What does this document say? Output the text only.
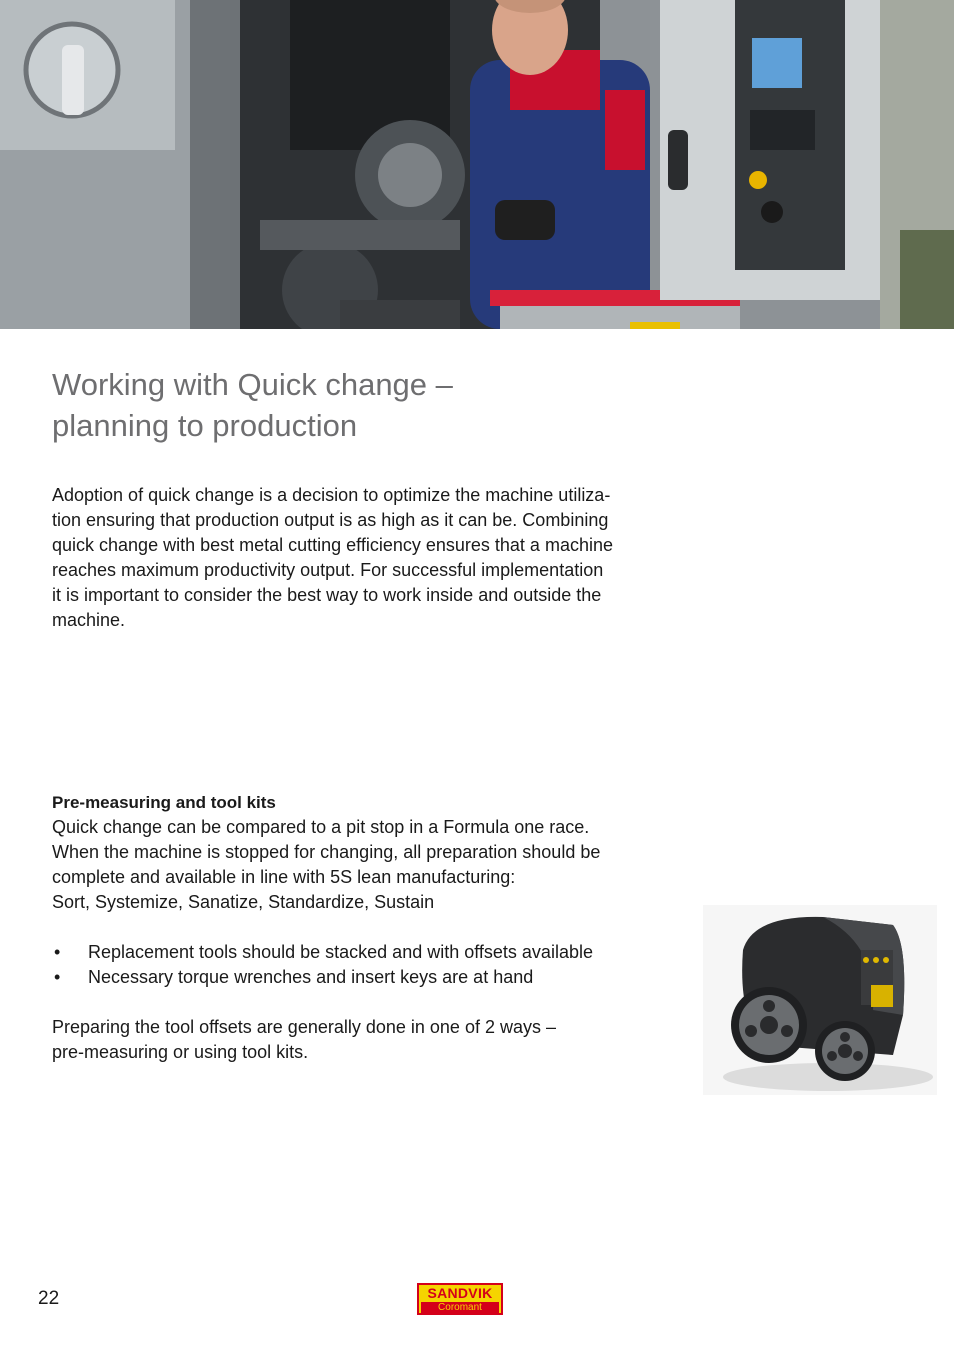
Working with Quick change –
planning to production

Adoption of quick change is a decision to optimize the machine utiliza-
tion ensuring that production output is as high as it can be. Combining
quick change with best metal cutting efficiency ensures that a machine
reaches maximum productivity output. For successful implementation
it is important to consider the best way to work inside and outside the
machine.

Pre-measuring and tool kits
Quick change can be compared to a pit stop in a Formula one race.
When the machine is stopped for changing, all preparation should be
complete and available in line with 5S lean manufacturing:
Sort, Systemize, Sanatize, Standardize, Sustain
• Replacement tools should be stacked and with offsets available
• Necessary torque wrenches and insert keys are at hand
Preparing the tool offsets are generally done in one of 2 ways –
pre-measuring or using tool kits.
22	SANDVIK
Coromant
